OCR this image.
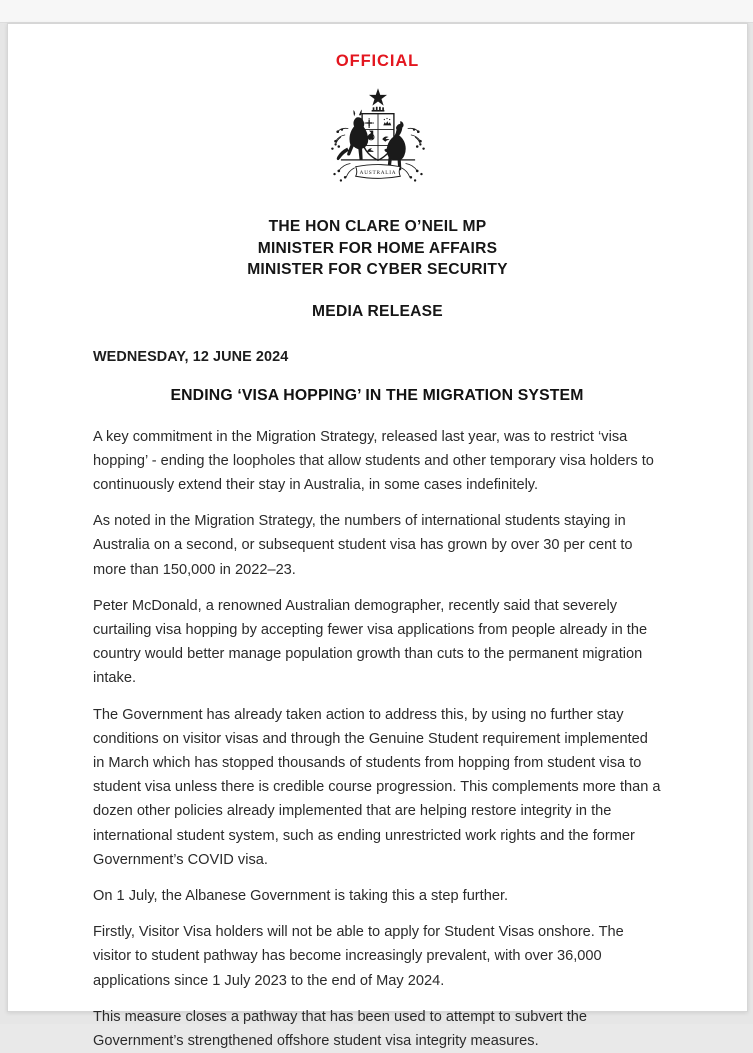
OFFICIAL
AUSTRALIA
THE HON CLARE O’NEIL MP
MINISTER FOR HOME AFFAIRS
MINISTER FOR CYBER SECURITY
MEDIA RELEASE
WEDNESDAY, 12 JUNE 2024
ENDING ‘VISA HOPPING’ IN THE MIGRATION SYSTEM

A key commitment in the Migration Strategy, released last year, was to restrict ‘visa hopping’ - ending the loopholes that allow students and other temporary visa holders to continuously extend their stay in Australia, in some cases indefinitely.

As noted in the Migration Strategy, the numbers of international students staying in Australia on a second, or subsequent student visa has grown by over 30 per cent to more than 150,000 in 2022–23.

Peter McDonald, a renowned Australian demographer, recently said that severely curtailing visa hopping by accepting fewer visa applications from people already in the country would better manage population growth than cuts to the permanent migration intake.

The Government has already taken action to address this, by using no further stay conditions on visitor visas and through the Genuine Student requirement implemented in March which has stopped thousands of students from hopping from student visa to student visa unless there is credible course progression. This complements more than a dozen other policies already implemented that are helping restore integrity in the international student system, such as ending unrestricted work rights and the former Government’s COVID visa.

On 1 July, the Albanese Government is taking this a step further.

Firstly, Visitor Visa holders will not be able to apply for Student Visas onshore. The visitor to student pathway has become increasingly prevalent, with over 36,000 applications since 1 July 2023 to the end of May 2024.

This measure closes a pathway that has been used to attempt to subvert the Government’s strengthened offshore student visa integrity measures.
